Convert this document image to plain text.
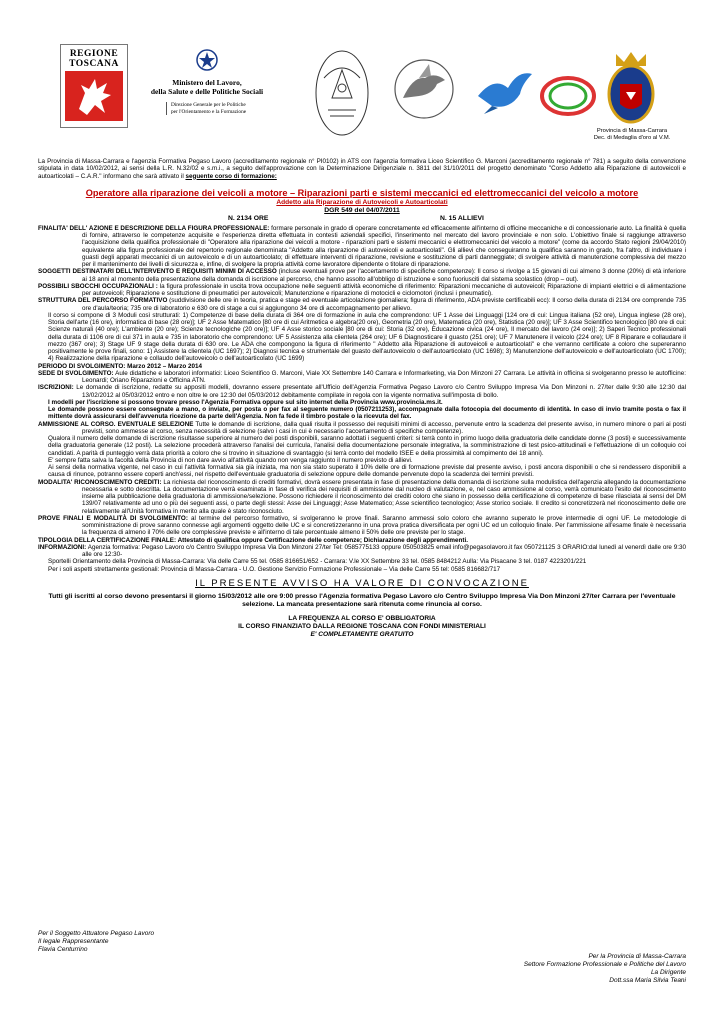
REGIONE
TOSCANA
Ministero del Lavoro,
della Salute e delle Politiche Sociali
Direzione Generale per le Politiche
per l'Orientamento e la Formazione
Provincia di Massa-Carrara
Dec. di Medaglia d'oro al V.M.

La Provincia di Massa-Carrara e l'agenzia Formativa Pegaso Lavoro (accreditamento regionale n° PI0102) in ATS con l'agenzia formativa Liceo Scientifico G. Marconi (accreditamento regionale n° 781) a seguito della convenzione stipulata in data 10/02/2012, ai sensi della L.R. N.32/02 e s.m.i., a seguito dell'approvazione con la Determinazione Dirigenziale n. 3811 del 31/10/2011 del progetto denominato "Corso Addetto alla Riparazione di autoveicoli e autoarticolati – C.A.R." informano che sarà attivato il seguente corso di formazione:

Operatore alla riparazione dei veicoli a motore – Riparazioni parti e sistemi meccanici ed elettromeccanici del veicolo a motore
Addetto alla Riparazione di Autoveicoli e Autoarticolati
DGR 549 del 04/07/2011
N. 2134 ORE	N. 15 ALLIEVI

FINALITA' DELL' AZIONE E DESCRIZIONE DELLA FIGURA PROFESSIONALE: formare personale in grado di operare concretamente ed efficacemente all'interno di officine meccaniche e di concessionarie auto. La finalità è quella di fornire, attraverso le competenze acquisite e l'esperienza diretta effettuata in contesti aziendali specifici, l'inserimento nel mercato del lavoro provinciale e non solo. L'obiettivo finale si raggiunge attraverso l'acquisizione della qualifica professionale di "Operatore alla riparazione dei veicoli a motore - riparazioni parti e sistemi meccanici e elettromeccanici del veicolo a motore" (come da accordo Stato regioni 29/04/2010) equivalente alla figura professionale del repertorio regionale denominata "Addetto alla riparazione di autoveicoli e autoarticolati". Gli allievi che conseguiranno la qualifica saranno in grado, fra l'altro, di individuare i guasti degli apparati meccanici di un autoveicolo e di un autoarticolato; di effettuare interventi di riparazione, revisione e sostituzione di parti danneggiate; di svolgere attività di manutenzione complessiva del mezzo per il mantenimento dei livelli di sicurezza e, infine, di svolgere la propria attività come lavoratore dipendente o titolare di riparazione.

SOGGETTI DESTINATARI DELL'INTERVENTO E REQUISITI MINIMI DI ACCESSO (incluse eventuali prove per l'accertamento di specifiche competenze): Il corso si rivolge a 15 giovani di cui almeno 3 donne (20%) di età inferiore ai 18 anni al momento della presentazione della domanda di iscrizione al percorso, che hanno assolto all'obbligo di istruzione e sono fuoriusciti dal sistema scolastico (drop – out).

POSSIBILI SBOCCHI OCCUPAZIONALI : la figura professionale in uscita trova occupazione nelle seguenti attività economiche di riferimento: Riparazioni meccaniche di autoveicoli; Riparazione di impianti elettrici e di alimentazione per autoveicoli; Riparazione e sostituzione di pneumatici per autoveicoli; Manutenzione e riparazione di motocicli e ciclomotori (inclusi i pneumatici).

STRUTTURA DEL PERCORSO FORMATIVO (suddivisione delle ore in teoria, pratica e stage ed eventuale articolazione giornaliera; figura di riferimento, ADA previste certificabili ecc): Il corso della durata di 2134 ore comprende 735 ore d'aula/teoria; 735 ore di laboratorio e 630 ore di stage a cui si aggiungono 34 ore di accompagnamento per allievo.

Il corso si compone di 3 Moduli così strutturati: 1) Competenze di base della durata di 364 ore di formazione in aula che comprendono: UF 1 Asse dei Linguaggi [124 ore di cui: Lingua italiana (52 ore), Lingua inglese (28 ore), Storia dell'arte (16 ore), informatica di base (28 ore)]; UF 2 Asse Matematico [80 ore di cui Aritmetica e algebra(20 ore), Geometria (20 ore), Matematica (20 ore), Statistica (20 ore)]; UF 3 Asse Scientifico tecnologico [80 ore di cui: Scienze naturali (40 ore); L'ambiente (20 ore); Scienze tecnologiche (20 ore)]; UF 4 Asse storico sociale [80 ore di cui: Storia (32 ore), Educazione civica (24 ore), Il mercato del lavoro (24 ore)]; 2) Saperi Tecnico professionali della durata di 1106 ore di cui 371 in aula e 735 in laboratorio che comprendono: UF 5 Assistenza alla clientela (264 ore); UF 6 Diagnosticare il guasto (251 ore); UF 7 Manutenere il veicolo (224 ore); UF 8 Riparare e collaudare il mezzo (367 ore); 3) Stage UF 9 stage della durata di 630 ore. Le ADA che compongono la figura di riferimento " Addetto alla Riparazione di autoveicoli e autoarticolati" e che verranno certificate a coloro che supereranno positivamente le prove finali, sono: 1) Assistere la clientela (UC 1697); 2) Diagnosi tecnica e strumentale del guasto dell'autoveicolo o dell'autoarticolato (UC 1698); 3) Manutenzione dell'autoveicolo e dell'autoarticolato (UC 1700); 4) Realizzazione della riparazione e collaudo dell'autoveicolo o dell'autoarticolato (UC 1699)

PERIODO DI SVOLGIMENTO: Marzo 2012 – Marzo 2014

SEDE DI SVOLGIMENTO: Aule didattiche e laboratori informatici: Liceo Scientifico G. Marconi, Viale XX Settembre 140 Carrara e Informarketing, via Don Minzoni 27 Carrara. Le attività in officina si svolgeranno presso le autofficine: Leonardi; Oriano Riparazioni e Officina ATN.

ISCRIZIONI: Le domande di iscrizione, redatte su appositi modelli, dovranno essere presentate all'Ufficio dell'Agenzia Formativa Pegaso Lavoro c/o Centro Sviluppo Impresa Via Don Minzoni n. 27/ter dalle 9:30 alle 12:30 dal 13/02/2012 al 05/03/2012 entro e non oltre le ore 12:30 del 05/03/2012 debitamente compilate in regola con la vigente normativa sull'imposta di bollo.

I modelli per l'iscrizione si possono trovare presso l'Agenzia Formativa oppure sul sito internet della Provincia www.provincia.ms.it.

Le domande possono essere consegnate a mano, o inviate, per posta o per fax al seguente numero (0507211253), accompagnate dalla fotocopia del documento di identità. In caso di invio tramite posta o fax il mittente dovrà assicurarsi dell'avvenuta ricezione da parte dell'Agenzia. Non fa fede il timbro postale o la ricevuta del fax.

AMMISSIONE AL CORSO. EVENTUALE SELEZIONE Tutte le domande di iscrizione, dalla quali risulta il possesso dei requisiti minimi di accesso, pervenute entro la scadenza del presente avviso, in numero minore o pari ai posti previsti, sono ammesse al corso, senza necessità di selezione (salvo i casi in cui è necessario l'accertamento di specifiche competenze).

Qualora il numero delle domande di iscrizione risultasse superiore al numero dei posti disponibili, saranno adottati i seguenti criteri: si terrà conto in primo luogo della graduatoria delle candidate donne (3 posti) e successivamente della graduatoria generale (12 posti). La selezione procederà attraverso l'analisi dei curricula, l'analisi della documentazione personale integrativa, la somministrazione di test psico-attitudinali e l'effettuazione di un colloquio coi candidati. A parità di punteggio verrà data priorità a coloro che si trovino in situazione di svantaggio (si terrà conto del modello ISEE e della prossimità al compimento dei 18 anni).

E' sempre fatta salva la facoltà della Provincia di non dare avvio all'attività quando non venga raggiunto il numero previsto di allievi.

Ai sensi della normativa vigente, nel caso in cui l'attività formativa sia già iniziata, ma non sia stato superato il 10% delle ore di formazione previste dal presente avviso, i posti ancora disponibili o che si rendessero disponibili a causa di rinunce, potranno essere coperti anch'essi, nel rispetto dell'eventuale graduatoria di selezione oppure delle domande pervenute dopo la scadenza dei termini previsti.

MODALITA' RICONOSCIMENTO CREDITI: La richiesta del riconoscimento di crediti formativi, dovrà essere presentata in fase di presentazione della domanda di iscrizione sulla modulistica dell'agenzia allegando la documentazione necessaria e sotto descritta. La documentazione verrà esaminata in fase di verifica dei requisiti di ammissione dal nucleo di valutazione, e, nel caso ammissione al corso, verrà comunicato l'esito del riconoscimento insieme alla pubblicazione della graduatoria di ammissione/selezione. Possono richiedere il riconoscimento dei crediti coloro che siano in possesso della certificazione di competenze di base rilasciata ai sensi del DM 139/07 relativamente ad uno o più dei seguenti assi, o parte degli stessi: Asse dei Linguaggi; Asse Matematico; Asse scientifico tecnologico; Asse storico sociale. Il credito si concretizzerà nel riconoscimento delle ore relativamente all'Unità formativa in merito alla quale è stato riconosciuto.

PROVE FINALI E MODALITÀ DI SVOLGIMENTO: al termine del percorso formativo, si svolgeranno le prove finali. Saranno ammessi solo coloro che avranno superato le prove intermedie di ogni UF. Le metodologie di somministrazione di prove saranno connesse agli argomenti oggetto delle UC e si concretizzeranno in una prova pratica diversificata per ogni UC ed un colloquio finale. Per l'ammissione all'esame finale è necessaria la frequenza di almeno il 70% delle ore complessive previste e all'interno di tale percentuale almeno il 50% delle ore previste per lo stage.

TIPOLOGIA DELLA CERTIFICAZIONE FINALE: Attestato di qualifica oppure Certificazione delle competenze; Dichiarazione degli apprendimenti.

INFORMAZIONI: Agenzia formativa: Pegaso Lavoro c/o Centro Sviluppo Impresa Via Don Minzoni 27/ter Tel: 0585775133 oppure 050503825 email info@pegasolavoro.it fax 050721125 3 ORARIO:dal lunedì al venerdì dalle ore 9:30 alle ore 12:30-

Sportelli Orientamento della Provincia di Massa-Carrara: Via delle Carre 55 tel. 0585 816651/652 - Carrara: V.le XX Settembre 33 tel. 0585 8484212 Aulla: Via Pisacane 3 tel. 0187 4223201/221

Per i soli aspetti strettamente gestionali: Provincia di Massa-Carrara - U.O. Gestione Servizio Formazione Professionale – Via delle Carre 55 tel: 0585 816682/717

IL PRESENTE AVVISO HA VALORE DI CONVOCAZIONE
Tutti gli iscritti al corso devono presentarsi il giorno 15/03/2012 alle ore 9:00 presso l'Agenzia formativa Pegaso Lavoro c/o Centro Sviluppo Impresa Via Don Minzoni 27/ter Carrara per l'eventuale selezione. La mancata presentazione sarà ritenuta come rinuncia al corso.
LA FREQUENZA AL CORSO E' OBBLIGATORIA
IL CORSO FINANZIATO DALLA REGIONE TOSCANA CON FONDI MINISTERIALI
E' COMPLETAMENTE GRATUITO
Per il Soggetto Attuatore Pegaso Lavoro
Il legale Rappresentante
Flavia Centurrino
Per la Provincia di Massa-Carrara
Settore Formazione Professionale e Politiche del Lavoro
La Dirigente
Dott.ssa Maria Silvia Teani
